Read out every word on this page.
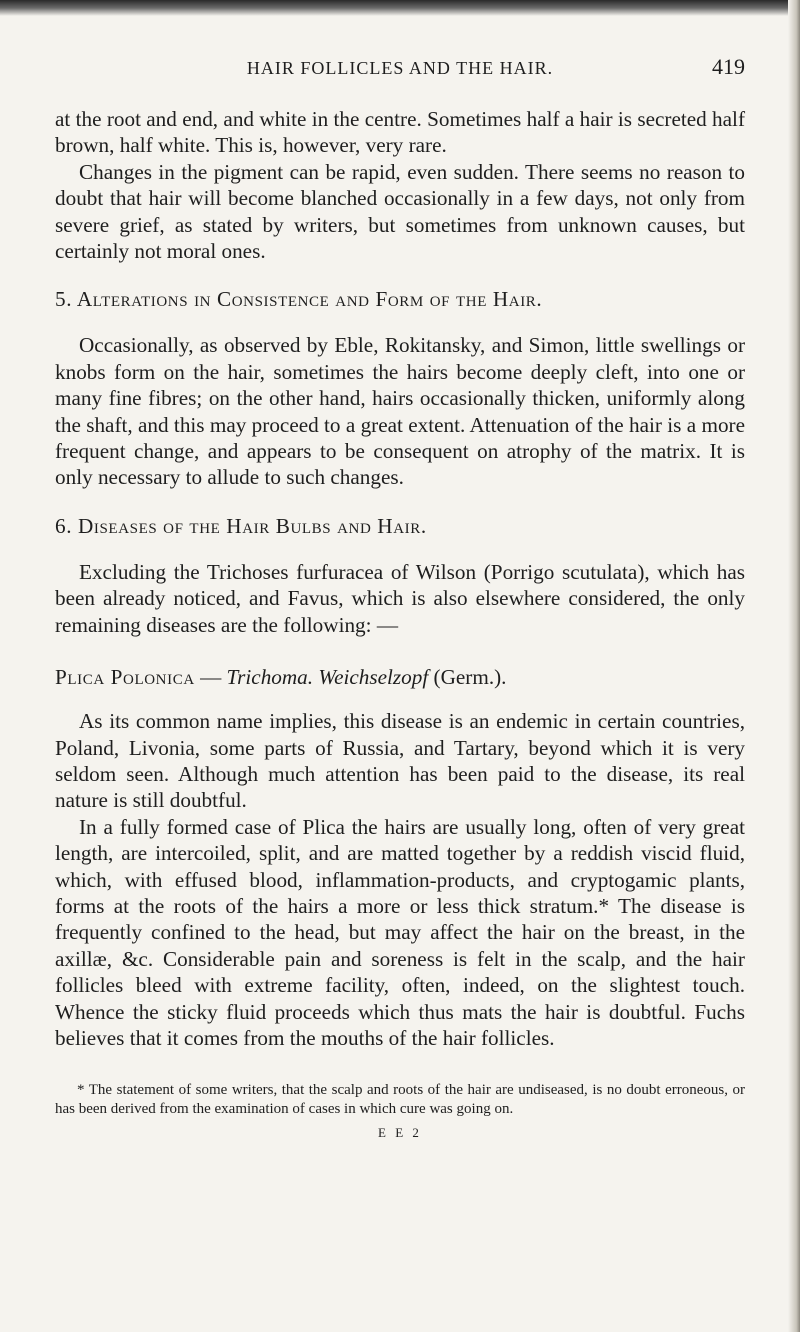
HAIR FOLLICLES AND THE HAIR.	419

at the root and end, and white in the centre. Sometimes half a hair is secreted half brown, half white. This is, however, very rare.

Changes in the pigment can be rapid, even sudden. There seems no reason to doubt that hair will become blanched occasionally in a few days, not only from severe grief, as stated by writers, but sometimes from unknown causes, but certainly not moral ones.

5. Alterations in Consistence and Form of the Hair.

Occasionally, as observed by Eble, Rokitansky, and Simon, little swellings or knobs form on the hair, sometimes the hairs become deeply cleft, into one or many fine fibres; on the other hand, hairs occasionally thicken, uniformly along the shaft, and this may proceed to a great extent. Attenuation of the hair is a more frequent change, and appears to be consequent on atrophy of the matrix. It is only necessary to allude to such changes.

6. Diseases of the Hair Bulbs and Hair.

Excluding the Trichoses furfuracea of Wilson (Porrigo scutulata), which has been already noticed, and Favus, which is also elsewhere considered, the only remaining diseases are the following: —

Plica Polonica — Trichoma. Weichselzopf (Germ.).

As its common name implies, this disease is an endemic in certain countries, Poland, Livonia, some parts of Russia, and Tartary, beyond which it is very seldom seen. Although much attention has been paid to the disease, its real nature is still doubtful.

In a fully formed case of Plica the hairs are usually long, often of very great length, are intercoiled, split, and are matted together by a reddish viscid fluid, which, with effused blood, inflammation-products, and cryptogamic plants, forms at the roots of the hairs a more or less thick stratum.* The disease is frequently confined to the head, but may affect the hair on the breast, in the axillæ, &c. Considerable pain and soreness is felt in the scalp, and the hair follicles bleed with extreme facility, often, indeed, on the slightest touch. Whence the sticky fluid proceeds which thus mats the hair is doubtful. Fuchs believes that it comes from the mouths of the hair follicles.

* The statement of some writers, that the scalp and roots of the hair are undiseased, is no doubt erroneous, or has been derived from the examination of cases in which cure was going on.
E E 2
